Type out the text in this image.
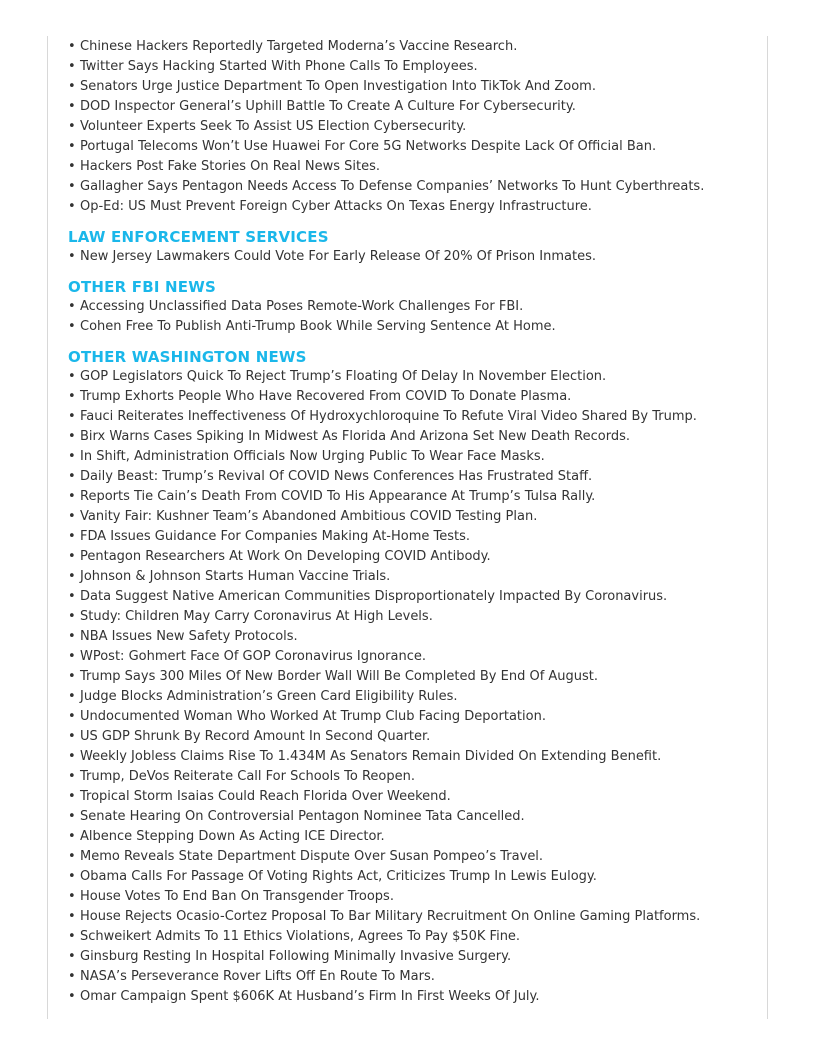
• Chinese Hackers Reportedly Targeted Moderna’s Vaccine Research.
• Twitter Says Hacking Started With Phone Calls To Employees.
• Senators Urge Justice Department To Open Investigation Into TikTok And Zoom.
• DOD Inspector General’s Uphill Battle To Create A Culture For Cybersecurity.
• Volunteer Experts Seek To Assist US Election Cybersecurity.
• Portugal Telecoms Won’t Use Huawei For Core 5G Networks Despite Lack Of Official Ban.
• Hackers Post Fake Stories On Real News Sites.
• Gallagher Says Pentagon Needs Access To Defense Companies’ Networks To Hunt Cyberthreats.
• Op-Ed: US Must Prevent Foreign Cyber Attacks On Texas Energy Infrastructure.
LAW ENFORCEMENT SERVICES
• New Jersey Lawmakers Could Vote For Early Release Of 20% Of Prison Inmates.
OTHER FBI NEWS
• Accessing Unclassified Data Poses Remote-Work Challenges For FBI.
• Cohen Free To Publish Anti-Trump Book While Serving Sentence At Home.
OTHER WASHINGTON NEWS
• GOP Legislators Quick To Reject Trump’s Floating Of Delay In November Election.
• Trump Exhorts People Who Have Recovered From COVID To Donate Plasma.
• Fauci Reiterates Ineffectiveness Of Hydroxychloroquine To Refute Viral Video Shared By Trump.
• Birx Warns Cases Spiking In Midwest As Florida And Arizona Set New Death Records.
• In Shift, Administration Officials Now Urging Public To Wear Face Masks.
• Daily Beast: Trump’s Revival Of COVID News Conferences Has Frustrated Staff.
• Reports Tie Cain’s Death From COVID To His Appearance At Trump’s Tulsa Rally.
• Vanity Fair: Kushner Team’s Abandoned Ambitious COVID Testing Plan.
• FDA Issues Guidance For Companies Making At-Home Tests.
• Pentagon Researchers At Work On Developing COVID Antibody.
• Johnson & Johnson Starts Human Vaccine Trials.
• Data Suggest Native American Communities Disproportionately Impacted By Coronavirus.
• Study: Children May Carry Coronavirus At High Levels.
• NBA Issues New Safety Protocols.
• WPost: Gohmert Face Of GOP Coronavirus Ignorance.
• Trump Says 300 Miles Of New Border Wall Will Be Completed By End Of August.
• Judge Blocks Administration’s Green Card Eligibility Rules.
• Undocumented Woman Who Worked At Trump Club Facing Deportation.
• US GDP Shrunk By Record Amount In Second Quarter.
• Weekly Jobless Claims Rise To 1.434M As Senators Remain Divided On Extending Benefit.
• Trump, DeVos Reiterate Call For Schools To Reopen.
• Tropical Storm Isaias Could Reach Florida Over Weekend.
• Senate Hearing On Controversial Pentagon Nominee Tata Cancelled.
• Albence Stepping Down As Acting ICE Director.
• Memo Reveals State Department Dispute Over Susan Pompeo’s Travel.
• Obama Calls For Passage Of Voting Rights Act, Criticizes Trump In Lewis Eulogy.
• House Votes To End Ban On Transgender Troops.
• House Rejects Ocasio-Cortez Proposal To Bar Military Recruitment On Online Gaming Platforms.
• Schweikert Admits To 11 Ethics Violations, Agrees To Pay $50K Fine.
• Ginsburg Resting In Hospital Following Minimally Invasive Surgery.
• NASA’s Perseverance Rover Lifts Off En Route To Mars.
• Omar Campaign Spent $606K At Husband’s Firm In First Weeks Of July.
